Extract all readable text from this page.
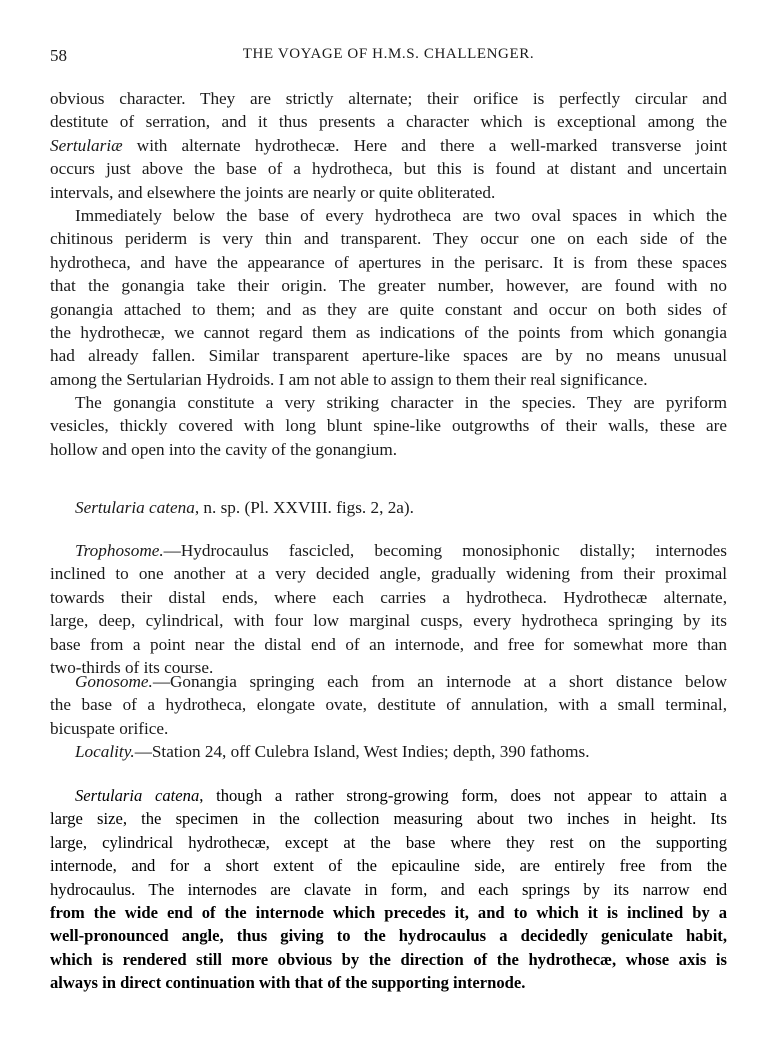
58	THE VOYAGE OF H.M.S. CHALLENGER.
obvious character. They are strictly alternate; their orifice is perfectly circular and
destitute of serration, and it thus presents a character which is exceptional among the
Sertulariæ with alternate hydrothecæ. Here and there a well-marked transverse joint
occurs just above the base of a hydrotheca, but this is found at distant and uncertain
intervals, and elsewhere the joints are nearly or quite obliterated.
Immediately below the base of every hydrotheca are two oval spaces in which the
chitinous periderm is very thin and transparent. They occur one on each side of the
hydrotheca, and have the appearance of apertures in the perisarc. It is from these spaces
that the gonangia take their origin. The greater number, however, are found with no
gonangia attached to them; and as they are quite constant and occur on both sides of
the hydrothecæ, we cannot regard them as indications of the points from which gonangia
had already fallen. Similar transparent aperture-like spaces are by no means unusual
among the Sertularian Hydroids. I am not able to assign to them their real significance.
The gonangia constitute a very striking character in the species. They are pyriform
vesicles, thickly covered with long blunt spine-like outgrowths of their walls, these are
hollow and open into the cavity of the gonangium.
Sertularia catena, n. sp. (Pl. XXVIII. figs. 2, 2a).
Trophosome.—Hydrocaulus fascicled, becoming monosiphonic distally; internodes
inclined to one another at a very decided angle, gradually widening from their proximal
towards their distal ends, where each carries a hydrotheca. Hydrothecæ alternate,
large, deep, cylindrical, with four low marginal cusps, every hydrotheca springing by its
base from a point near the distal end of an internode, and free for somewhat more than
two-thirds of its course.
Gonosome.—Gonangia springing each from an internode at a short distance below
the base of a hydrotheca, elongate ovate, destitute of annulation, with a small terminal,
bicuspate orifice.
Locality.—Station 24, off Culebra Island, West Indies; depth, 390 fathoms.
Sertularia catena, though a rather strong-growing form, does not appear to attain a
large size, the specimen in the collection measuring about two inches in height. Its
large, cylindrical hydrothecæ, except at the base where they rest on the supporting
internode, and for a short extent of the epicauline side, are entirely free from the
hydrocaulus. The internodes are clavate in form, and each springs by its narrow end
from the wide end of the internode which precedes it, and to which it is inclined by a
well-pronounced angle, thus giving to the hydrocaulus a decidedly geniculate habit,
which is rendered still more obvious by the direction of the hydrothecæ, whose axis is
always in direct continuation with that of the supporting internode.
